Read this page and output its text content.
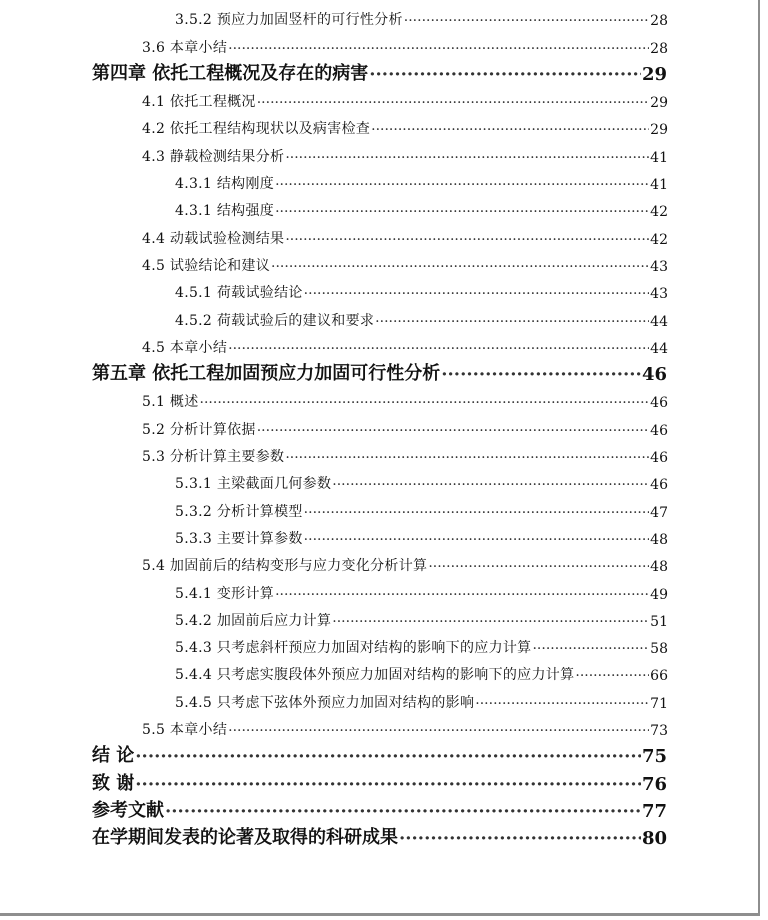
3.5.2 预应力加固竖杆的可行性分析 ·····	28
3.6 本章小结 ·····	28
第四章 依托工程概况及存在的病害 ·····	29
4.1 依托工程概况 ·····	29
4.2 依托工程结构现状以及病害检查 ·····	29
4.3 静载检测结果分析 ·····	41
4.3.1 结构刚度 ·····	41
4.3.1 结构强度 ·····	42
4.4 动载试验检测结果 ·····	42
4.5 试验结论和建议 ·····	43
4.5.1 荷载试验结论 ·····	43
4.5.2 荷载试验后的建议和要求 ·····	44
4.5 本章小结 ·····	44
第五章 依托工程加固预应力加固可行性分析 ·····	46
5.1 概述 ·····	46
5.2 分析计算依据 ·····	46
5.3 分析计算主要参数 ·····	46
5.3.1 主梁截面几何参数 ·····	46
5.3.2 分析计算模型 ·····	47
5.3.3 主要计算参数 ·····	48
5.4 加固前后的结构变形与应力变化分析计算 ·····	48
5.4.1 变形计算 ·····	49
5.4.2 加固前后应力计算 ·····	51
5.4.3 只考虑斜杆预应力加固对结构的影响下的应力计算 ·····	58
5.4.4 只考虑实腹段体外预应力加固对结构的影响下的应力计算 ·····	66
5.4.5 只考虑下弦体外预应力加固对结构的影响 ·····	71
5.5 本章小结 ·····	73
结 论 ·····	75
致 谢 ·····	76
参考文献 ·····	77
在学期间发表的论著及取得的科研成果 ·····	80
